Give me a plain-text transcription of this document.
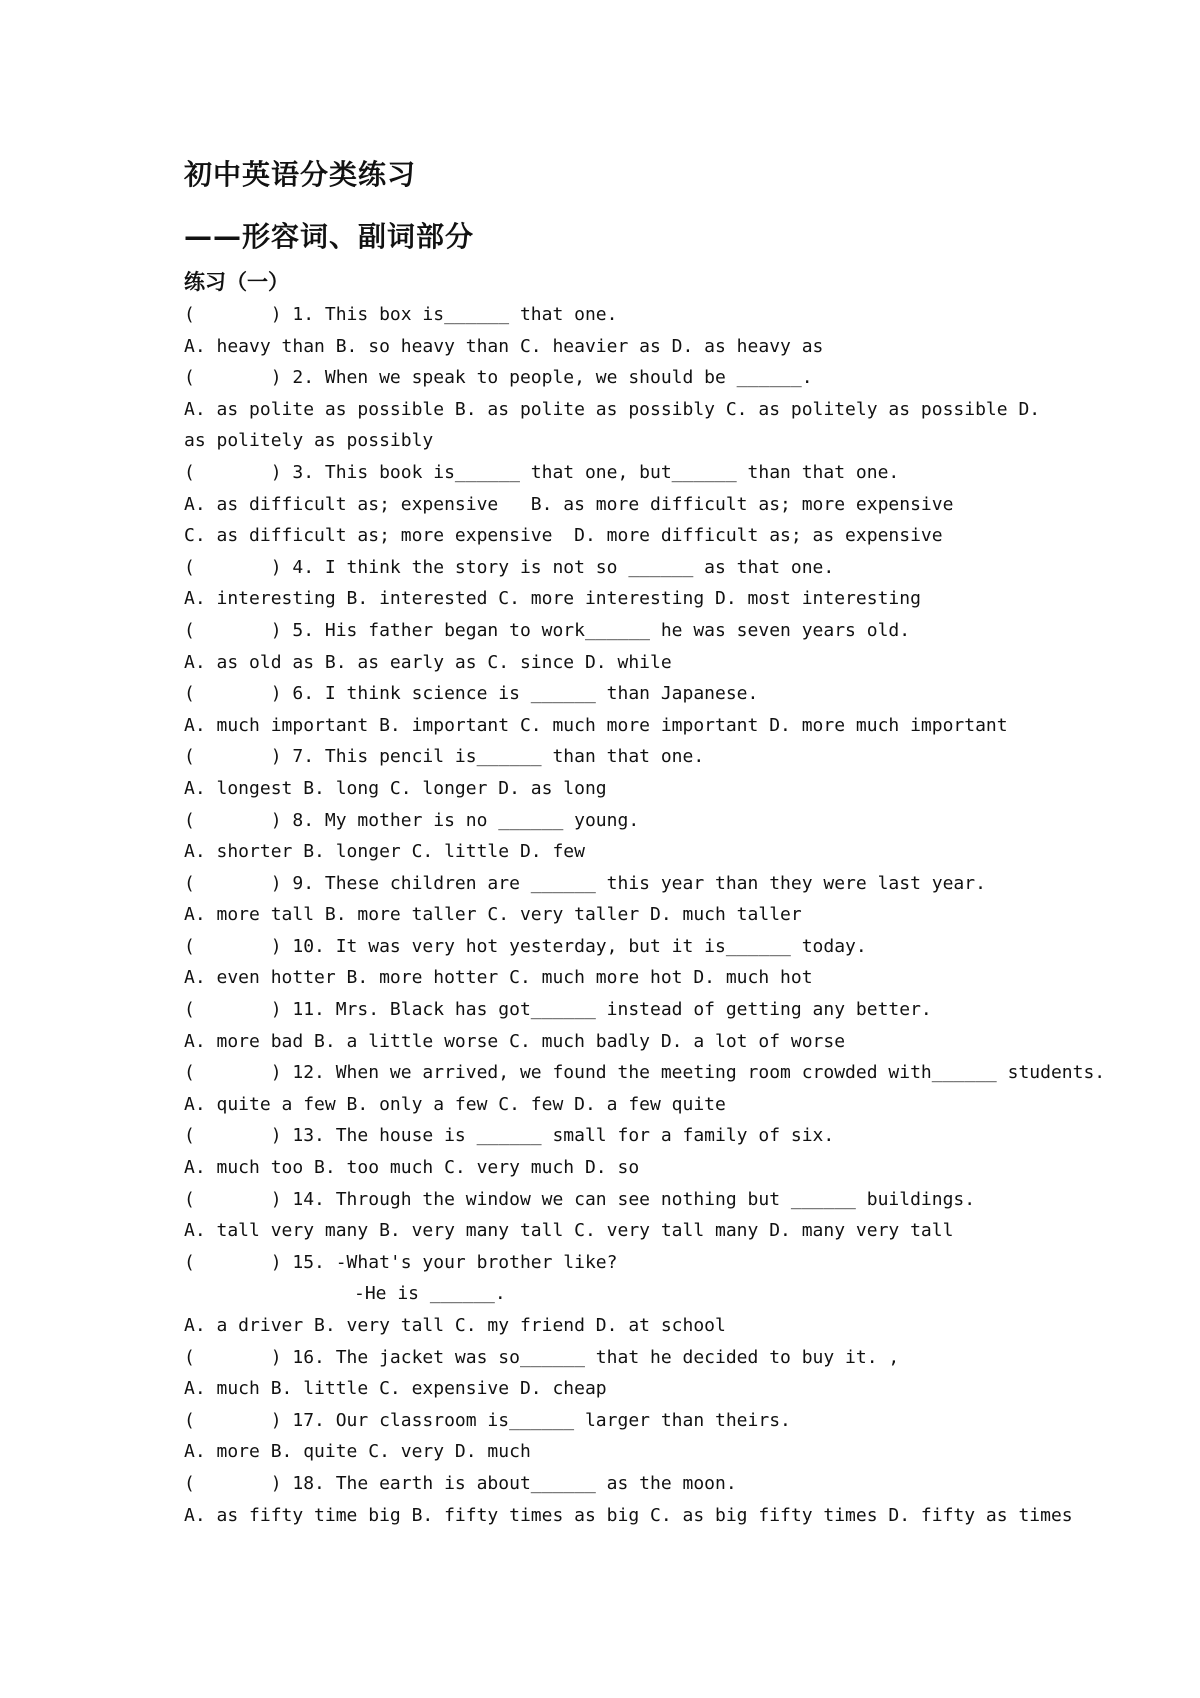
初中英语分类练习
——形容词、副词部分
练习（一）
(       ) 1. This box is______ that one.
A. heavy than B. so heavy than C. heavier as D. as heavy as
(       ) 2. When we speak to people, we should be ______.
A. as polite as possible B. as polite as possibly C. as politely as possible D.
as politely as possibly
(       ) 3. This book is______ that one, but______ than that one.
A. as difficult as; expensive   B. as more difficult as; more expensive
C. as difficult as; more expensive  D. more difficult as; as expensive
(       ) 4. I think the story is not so ______ as that one.
A. interesting B. interested C. more interesting D. most interesting
(       ) 5. His father began to work______ he was seven years old.
A. as old as B. as early as C. since D. while
(       ) 6. I think science is ______ than Japanese.
A. much important B. important C. much more important D. more much important
(       ) 7. This pencil is______ than that one.
A. longest B. long C. longer D. as long
(       ) 8. My mother is no ______ young.
A. shorter B. longer C. little D. few
(       ) 9. These children are ______ this year than they were last year.
A. more tall B. more taller C. very taller D. much taller
(       ) 10. It was very hot yesterday, but it is______ today.
A. even hotter B. more hotter C. much more hot D. much hot
(       ) 11. Mrs. Black has got______ instead of getting any better.
A. more bad B. a little worse C. much badly D. a lot of worse
(       ) 12. When we arrived, we found the meeting room crowded with______ students.
A. quite a few B. only a few C. few D. a few quite
(       ) 13. The house is ______ small for a family of six.
A. much too B. too much C. very much D. so
(       ) 14. Through the window we can see nothing but ______ buildings.
A. tall very many B. very many tall C. very tall many D. many very tall
(       ) 15. -What's your brother like?
-He is ______.
A. a driver B. very tall C. my friend D. at school
(       ) 16. The jacket was so______ that he decided to buy it. ,
A. much B. little C. expensive D. cheap
(       ) 17. Our classroom is______ larger than theirs.
A. more B. quite C. very D. much
(       ) 18. The earth is about______ as the moon.
A. as fifty time big B. fifty times as big C. as big fifty times D. fifty as times
